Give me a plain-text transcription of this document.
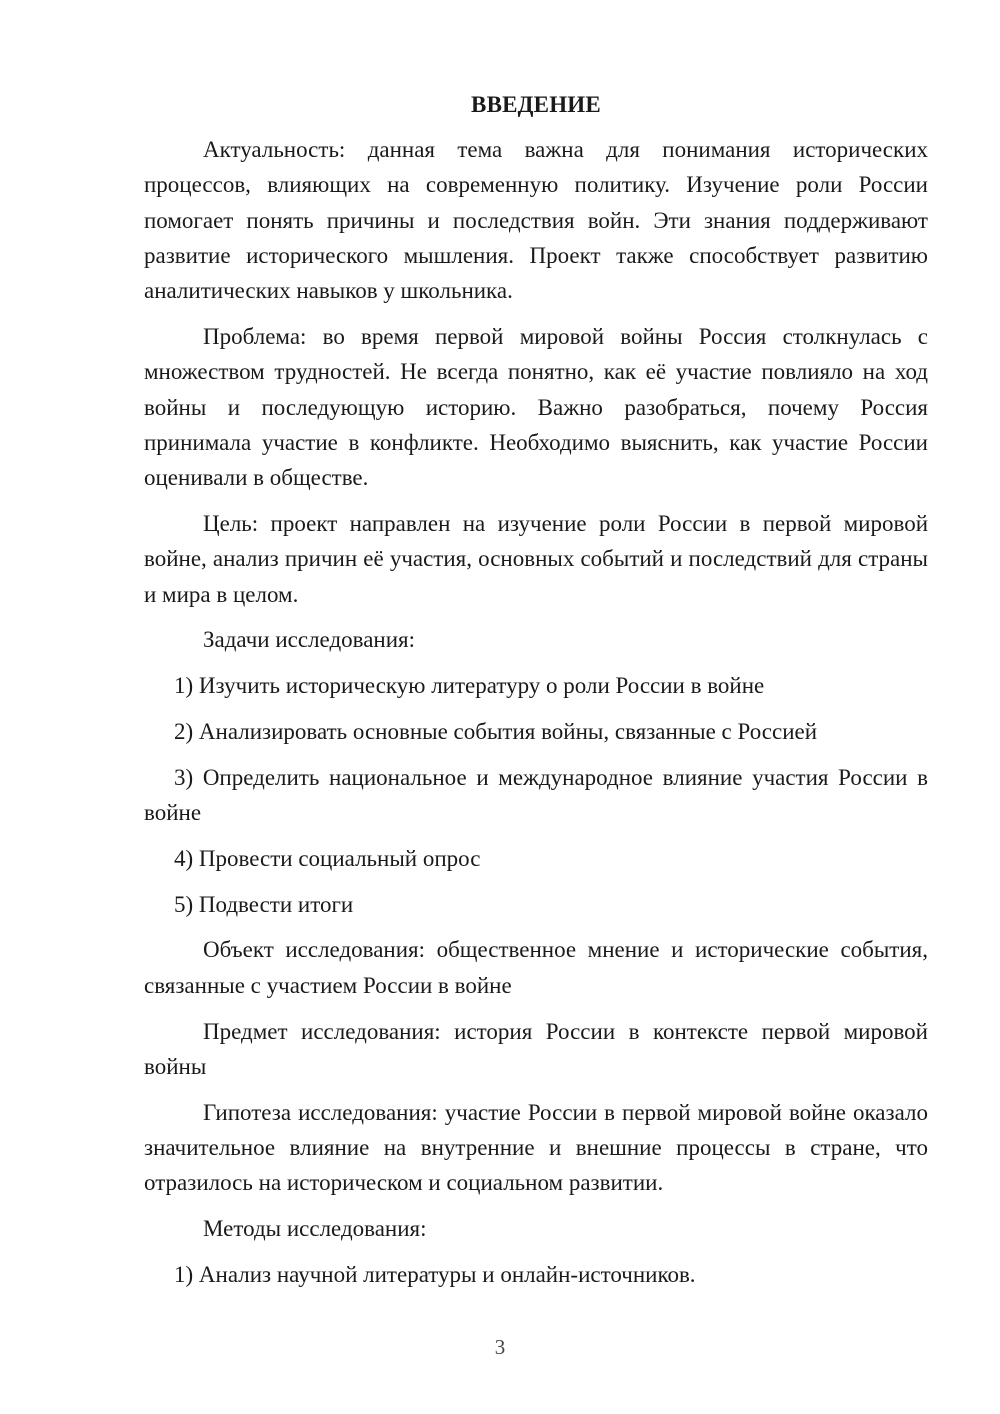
ВВЕДЕНИЕ

Актуальность: данная тема важна для понимания исторических процессов, влияющих на современную политику. Изучение роли России помогает понять причины и последствия войн. Эти знания поддерживают развитие исторического мышления. Проект также способствует развитию аналитических навыков у школьника.

Проблема: во время первой мировой войны Россия столкнулась с множеством трудностей. Не всегда понятно, как её участие повлияло на ход войны и последующую историю. Важно разобраться, почему Россия принимала участие в конфликте. Необходимо выяснить, как участие России оценивали в обществе.

Цель: проект направлен на изучение роли России в первой мировой войне, анализ причин её участия, основных событий и последствий для страны и мира в целом.

Задачи исследования:

1) Изучить историческую литературу о роли России в войне

2) Анализировать основные события войны, связанные с Россией

3) Определить национальное и международное влияние участия России в войне

4) Провести социальный опрос

5) Подвести итоги

Объект исследования: общественное мнение и исторические события, связанные с участием России в войне

Предмет исследования: история России в контексте первой мировой войны

Гипотеза исследования: участие России в первой мировой войне оказало значительное влияние на внутренние и внешние процессы в стране, что отразилось на историческом и социальном развитии.

Методы исследования:

1) Анализ научной литературы и онлайн-источников.

3
